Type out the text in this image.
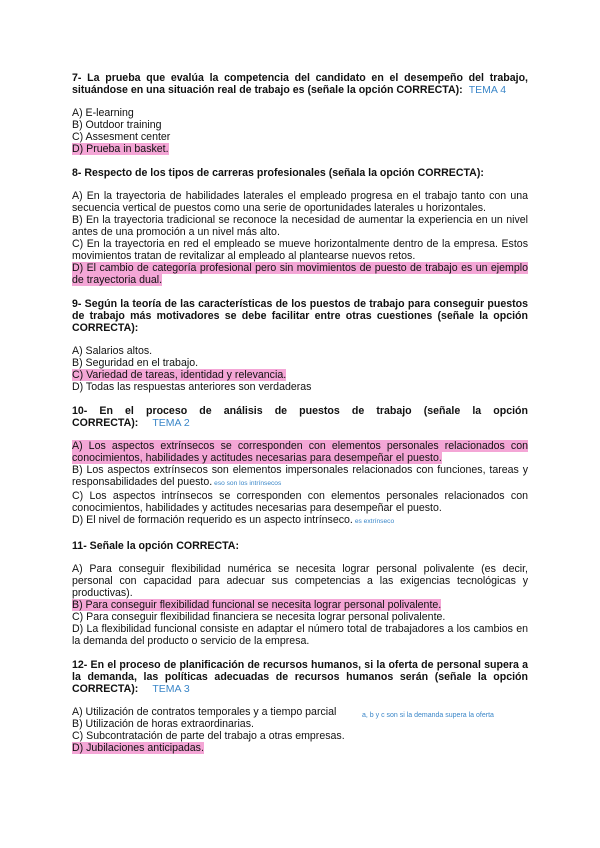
7- La prueba que evalúa la competencia del candidato en el desempeño del trabajo, situándose en una situación real de trabajo es (señale la opción CORRECTA): TEMA 4

A) E-learning

B) Outdoor training

C) Assesment center

D) Prueba in basket.

8- Respecto de los tipos de carreras profesionales (señala la opción CORRECTA):

A) En la trayectoria de habilidades laterales el empleado progresa en el trabajo tanto con una secuencia vertical de puestos como una serie de oportunidades laterales u horizontales.

B) En la trayectoria tradicional se reconoce la necesidad de aumentar la experiencia en un nivel antes de una promoción a un nivel más alto.

C) En la trayectoria en red el empleado se mueve horizontalmente dentro de la empresa. Estos movimientos tratan de revitalizar al empleado al plantearse nuevos retos.

D) El cambio de categoría profesional pero sin movimientos de puesto de trabajo es un ejemplo de trayectoria dual.

9- Según la teoría de las características de los puestos de trabajo para conseguir puestos de trabajo más motivadores se debe facilitar entre otras cuestiones (señale la opción CORRECTA):

A) Salarios altos.

B) Seguridad en el trabajo.

C) Variedad de tareas, identidad y relevancia.

D) Todas las respuestas anteriores son verdaderas

10- En el proceso de análisis de puestos de trabajo (señale la opción CORRECTA): TEMA 2

A) Los aspectos extrínsecos se corresponden con elementos personales relacionados con conocimientos, habilidades y actitudes necesarias para desempeñar el puesto.

B) Los aspectos extrínsecos son elementos impersonales relacionados con funciones, tareas y responsabilidades del puesto. eso son los intrínsecos

C) Los aspectos intrínsecos se corresponden con elementos personales relacionados con conocimientos, habilidades y actitudes necesarias para desempeñar el puesto.

D) El nivel de formación requerido es un aspecto intrínseco. es extrínseco

11- Señale la opción CORRECTA:

A) Para conseguir flexibilidad numérica se necesita lograr personal polivalente (es decir, personal con capacidad para adecuar sus competencias a las exigencias tecnológicas y productivas).

B) Para conseguir flexibilidad funcional se necesita lograr personal polivalente.

C) Para conseguir flexibilidad financiera se necesita lograr personal polivalente.

D) La flexibilidad funcional consiste en adaptar el número total de trabajadores a los cambios en la demanda del producto o servicio de la empresa.

12- En el proceso de planificación de recursos humanos, si la oferta de personal supera a la demanda, las políticas adecuadas de recursos humanos serán (señale la opción CORRECTA): TEMA 3

A) Utilización de contratos temporales y a tiempo parcial

B) Utilización de horas extraordinarias.

C) Subcontratación de parte del trabajo a otras empresas.

D) Jubilaciones anticipadas.

a, b y c son si la demanda supera la oferta
